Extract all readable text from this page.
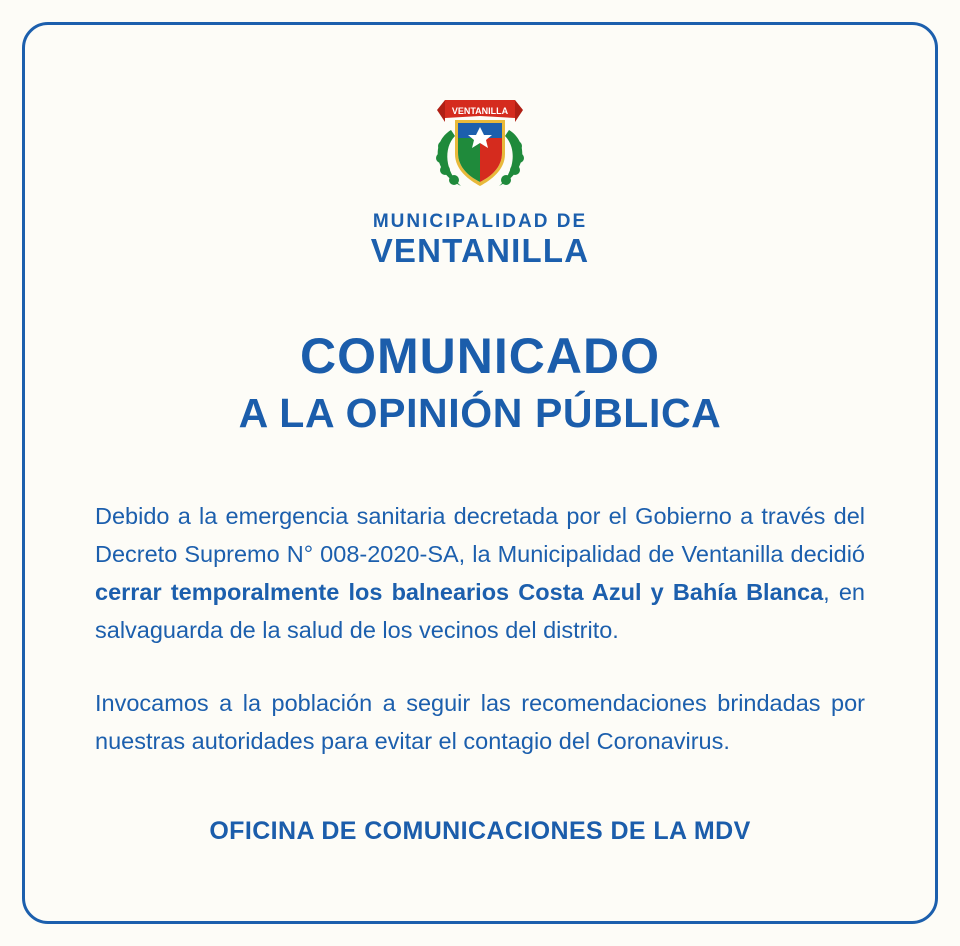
VENTANILLA
MUNICIPALIDAD DE
VENTANILLA
COMUNICADO
A LA OPINIÓN PÚBLICA

Debido a la emergencia sanitaria decretada por el Gobierno a través del Decreto Supremo N° 008-2020-SA, la Municipalidad de Ventanilla decidió cerrar temporalmente los balnearios Costa Azul y Bahía Blanca, en salvaguarda de la salud de los vecinos del distrito.

Invocamos a la población a seguir las recomendaciones brindadas por nuestras autoridades para evitar el contagio del Coronavirus.

OFICINA DE COMUNICACIONES DE LA MDV
